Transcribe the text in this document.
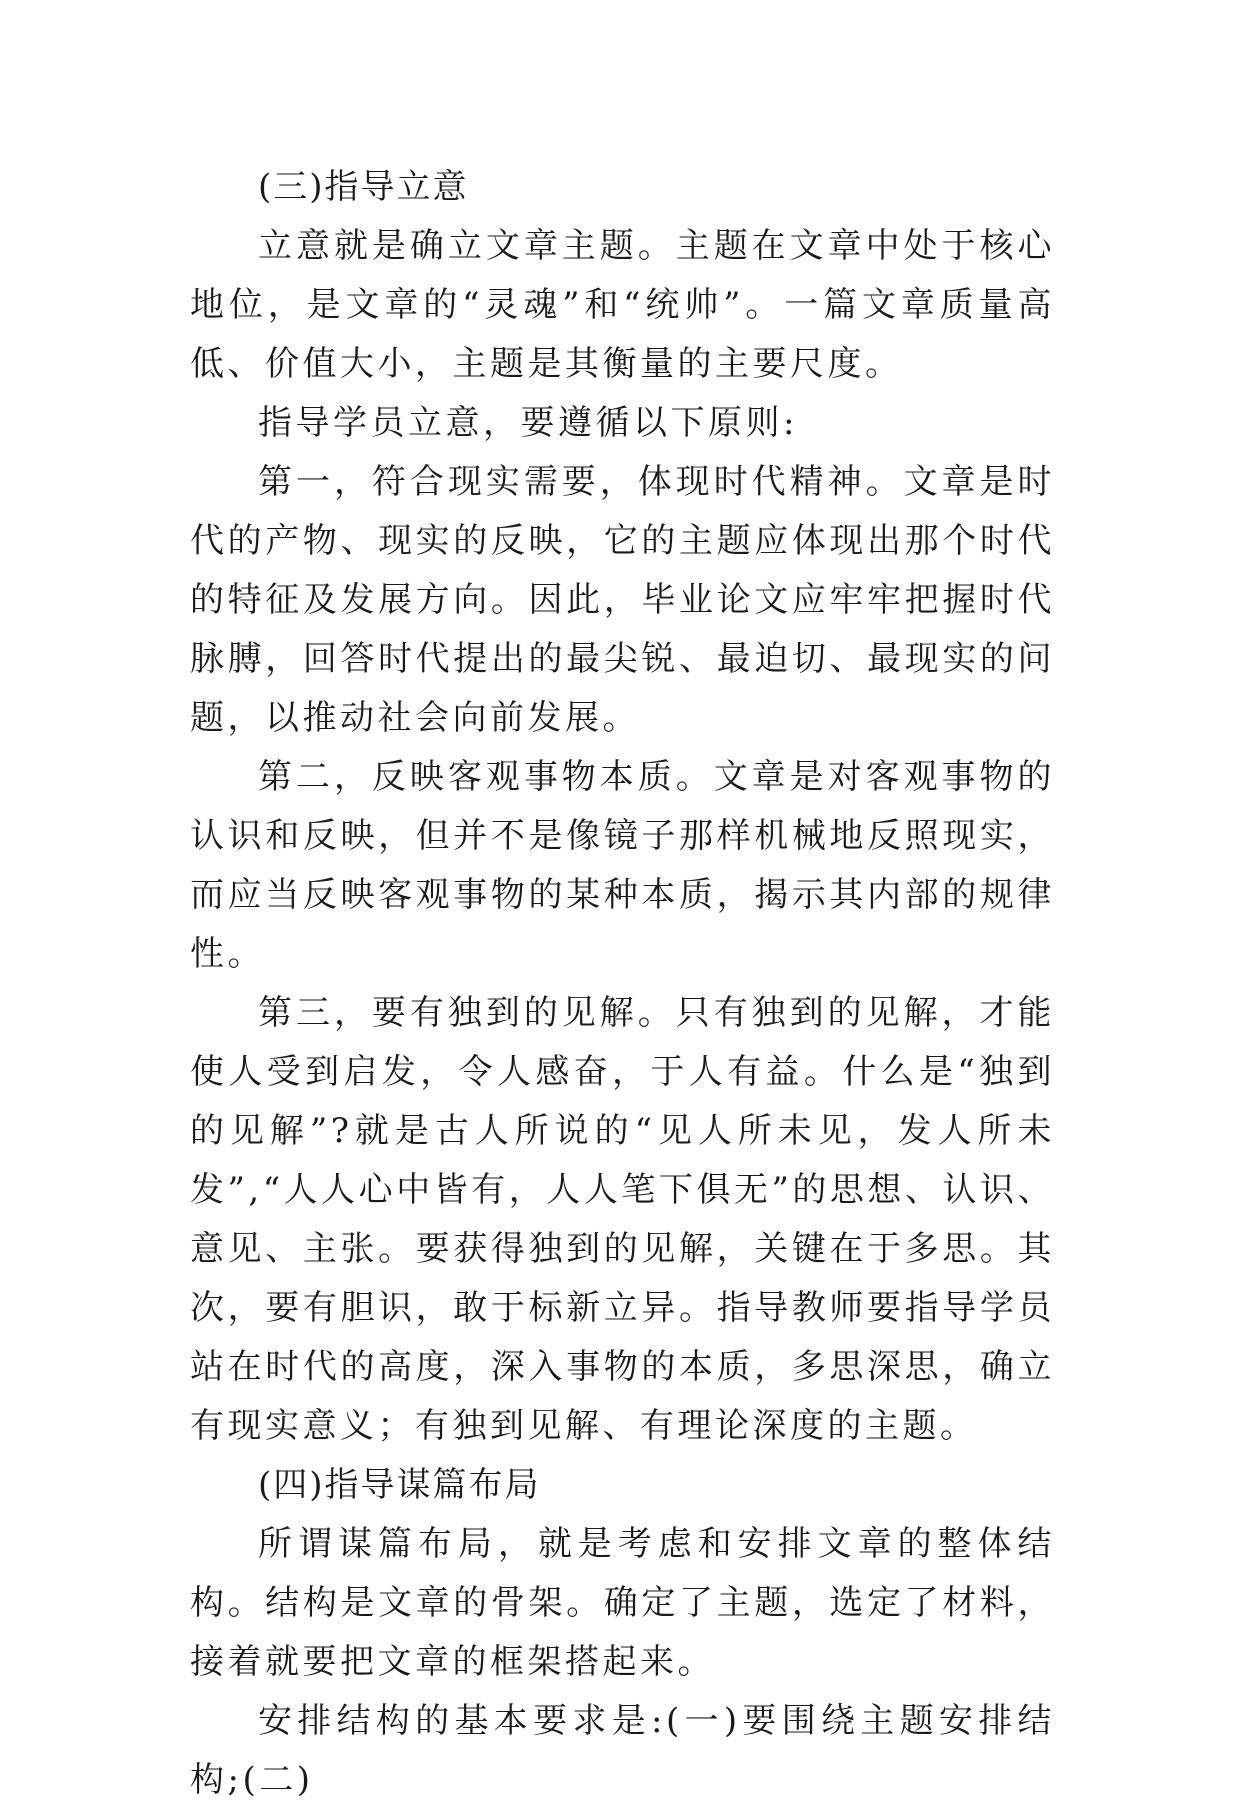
(三)指导立意

立意就是确立文章主题。主题在文章中处于核心地位，是文章的“灵魂”和“统帅”。一篇文章质量高低、价值大小，主题是其衡量的主要尺度。

指导学员立意，要遵循以下原则:

第一，符合现实需要，体现时代精神。文章是时代的产物、现实的反映，它的主题应体现出那个时代的特征及发展方向。因此，毕业论文应牢牢把握时代脉膊，回答时代提出的最尖锐、最迫切、最现实的问题，以推动社会向前发展。

第二，反映客观事物本质。文章是对客观事物的认识和反映，但并不是像镜子那样机械地反照现实，而应当反映客观事物的某种本质，揭示其内部的规律性。

第三，要有独到的见解。只有独到的见解，才能使人受到启发，令人感奋，于人有益。什么是“独到的见解”?就是古人所说的“见人所未见，发人所未发”,“人人心中皆有，人人笔下俱无”的思想、认识、意见、主张。要获得独到的见解，关键在于多思。其次，要有胆识，敢于标新立异。指导教师要指导学员站在时代的高度，深入事物的本质，多思深思，确立有现实意义；有独到见解、有理论深度的主题。

(四)指导谋篇布局

所谓谋篇布局，就是考虑和安排文章的整体结构。结构是文章的骨架。确定了主题，选定了材料，接着就要把文章的框架搭起来。

安排结构的基本要求是:(一)要围绕主题安排结构;(二)
